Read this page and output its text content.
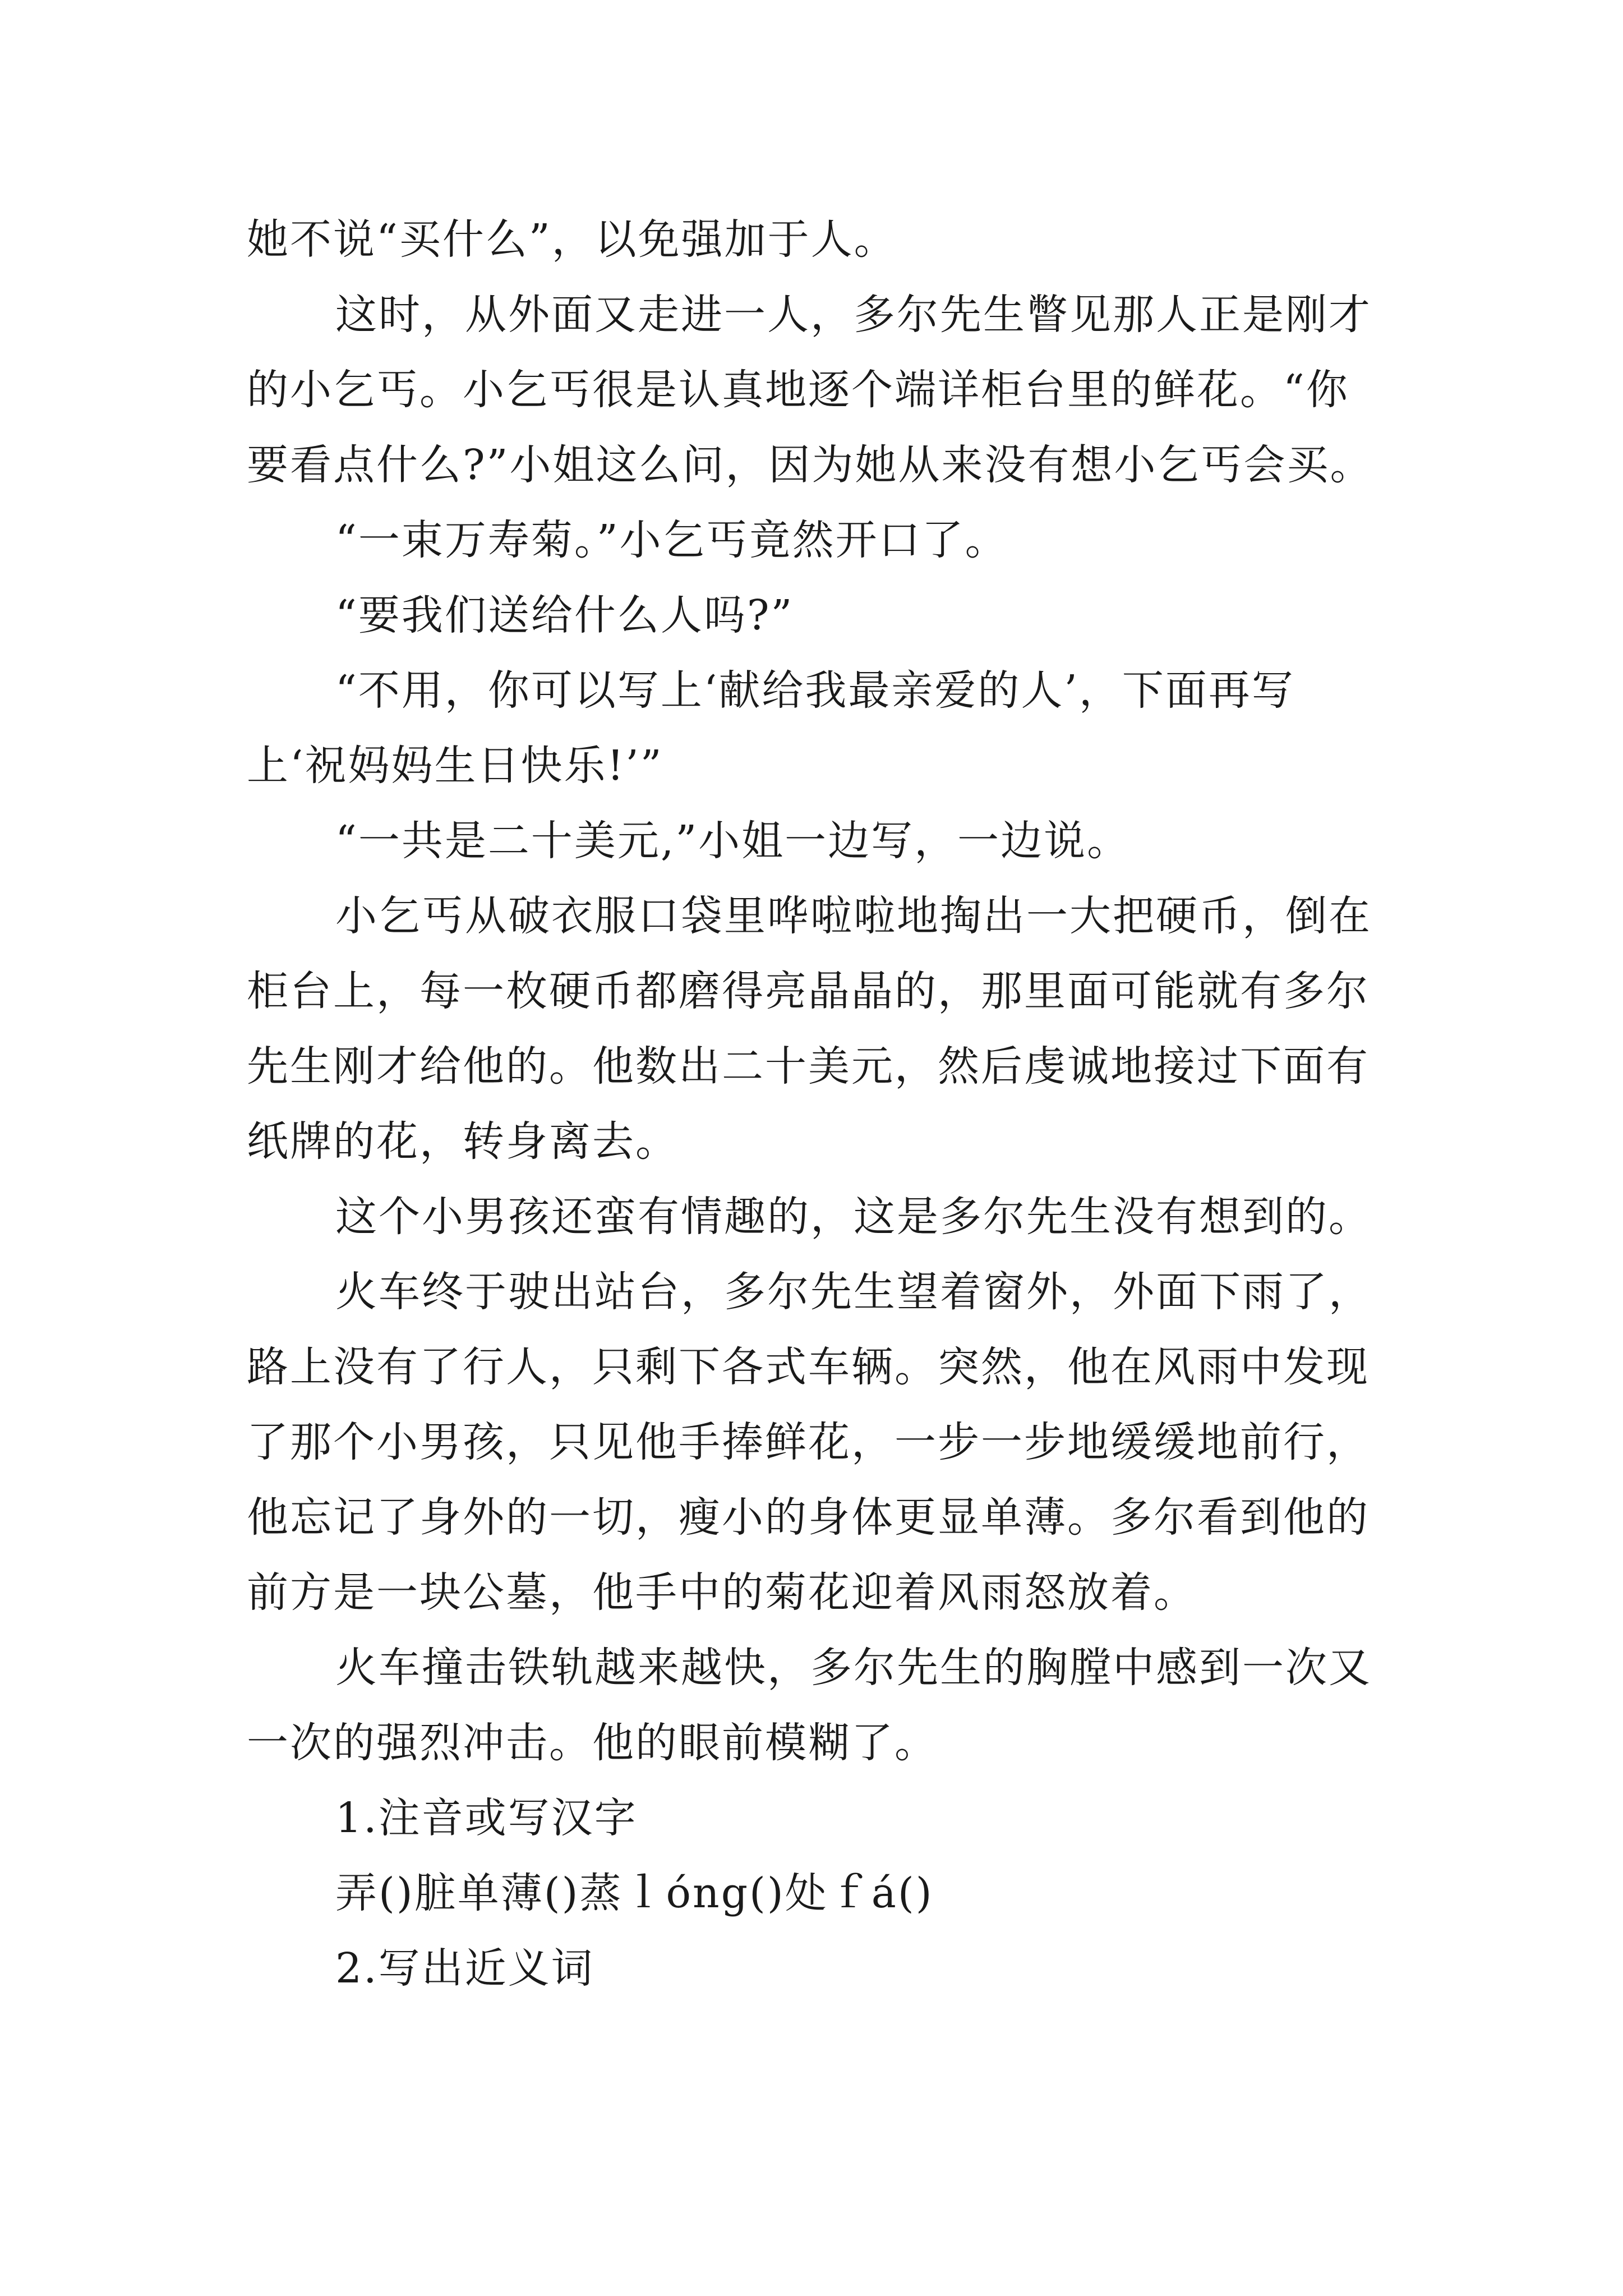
她不说“买什么”，以免强加于人。
这时，从外面又走进一人，多尔先生瞥见那人正是刚才
的小乞丐。小乞丐很是认真地逐个端详柜台里的鲜花。“你
要看点什么?”小姐这么问，因为她从来没有想小乞丐会买。
“一束万寿菊。”小乞丐竟然开口了。
“要我们送给什么人吗?”
“不用，你可以写上‘献给我最亲爱的人’，下面再写
上‘祝妈妈生日快乐!’”
“一共是二十美元,”小姐一边写，一边说。
小乞丐从破衣服口袋里哗啦啦地掏出一大把硬币，倒在
柜台上，每一枚硬币都磨得亮晶晶的，那里面可能就有多尔
先生刚才给他的。他数出二十美元，然后虔诚地接过下面有
纸牌的花，转身离去。
这个小男孩还蛮有情趣的，这是多尔先生没有想到的。
火车终于驶出站台，多尔先生望着窗外，外面下雨了，
路上没有了行人，只剩下各式车辆。突然，他在风雨中发现
了那个小男孩，只见他手捧鲜花，一步一步地缓缓地前行，
他忘记了身外的一切，瘦小的身体更显单薄。多尔看到他的
前方是一块公墓，他手中的菊花迎着风雨怒放着。
火车撞击铁轨越来越快，多尔先生的胸膛中感到一次又
一次的强烈冲击。他的眼前模糊了。
1.注音或写汉字
弄()脏单薄()蒸ｌóng()处ｆá()
2.写出近义词
